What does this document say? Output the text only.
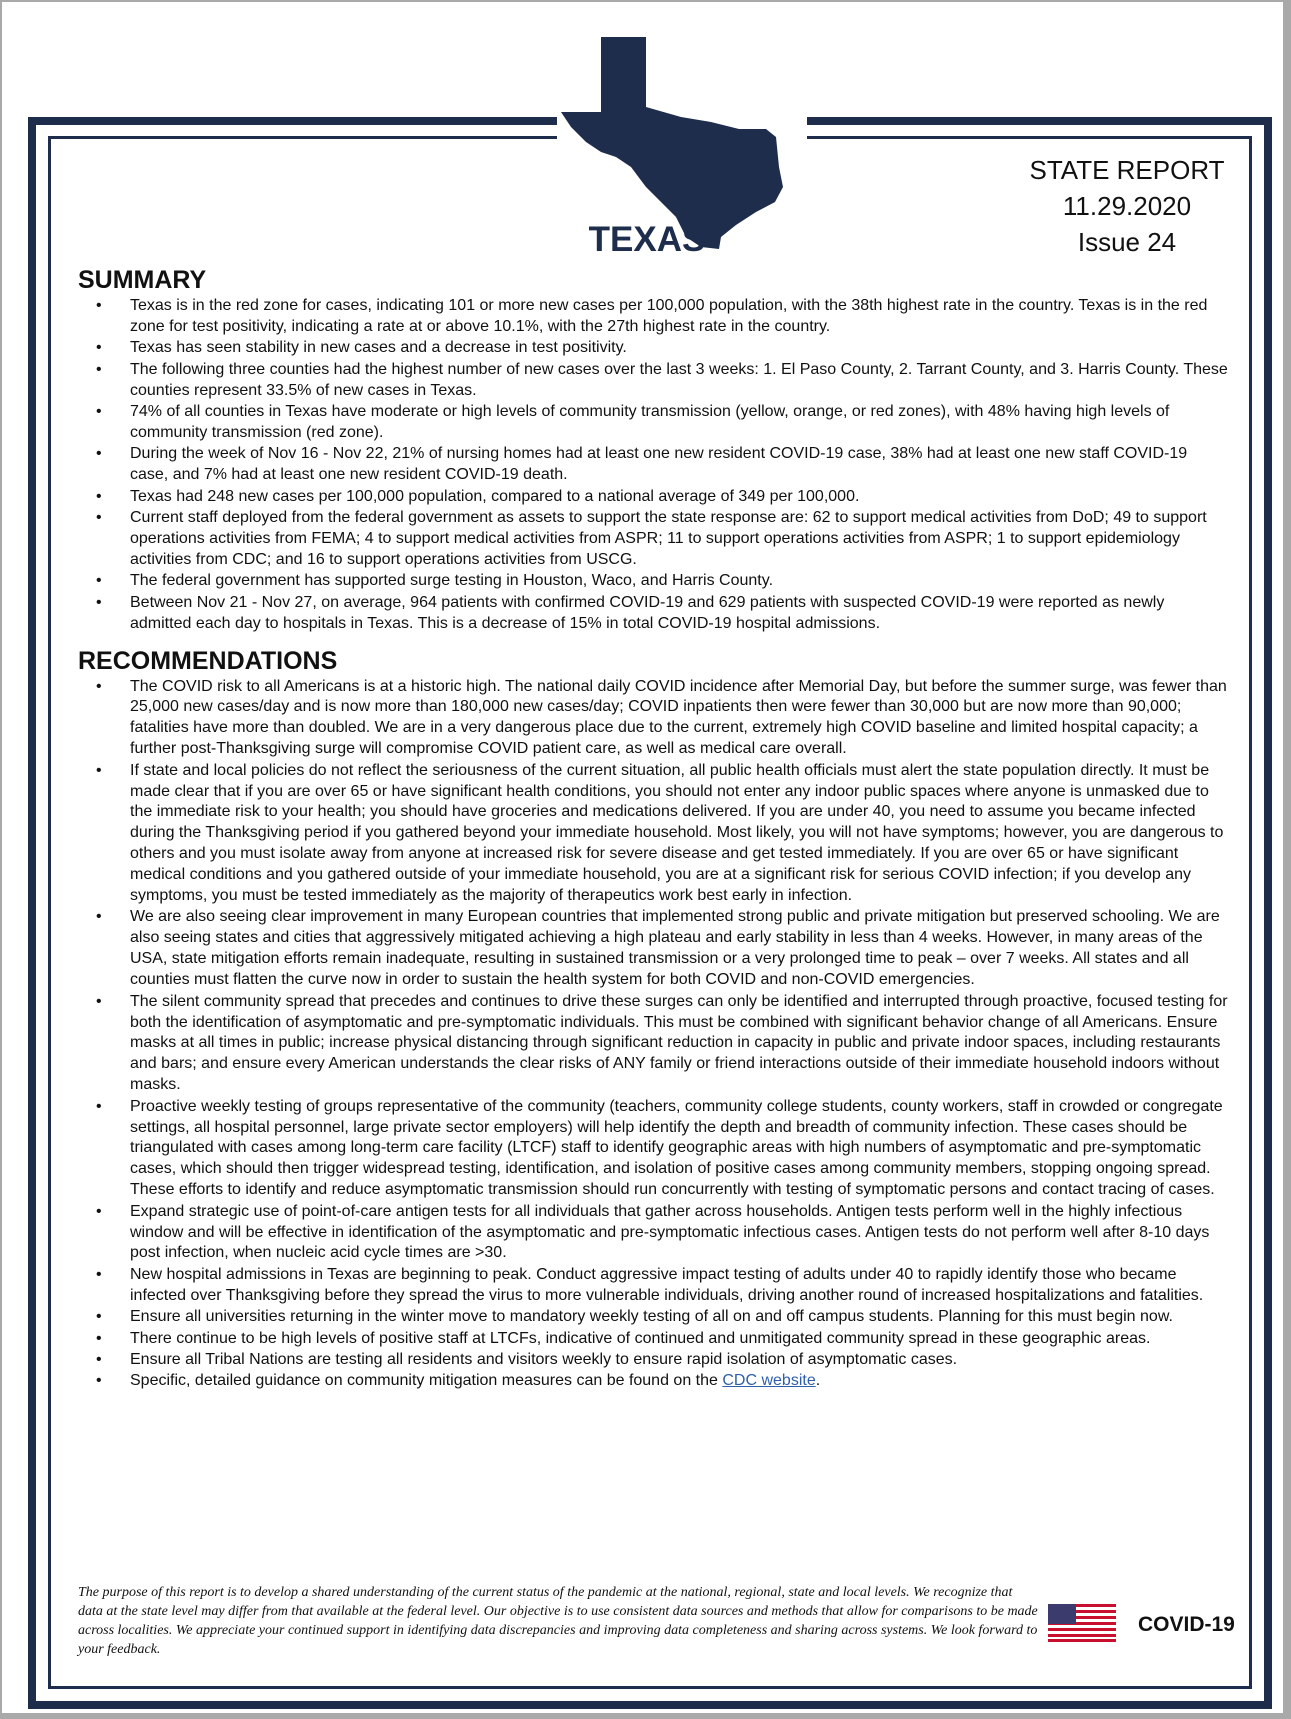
TEXAS
STATE REPORT
11.29.2020
Issue 24
SUMMARY
• Texas is in the red zone for cases, indicating 101 or more new cases per 100,000 population, with the 38th highest rate in the country. Texas is in the red zone for test positivity, indicating a rate at or above 10.1%, with the 27th highest rate in the country.
• Texas has seen stability in new cases and a decrease in test positivity.
• The following three counties had the highest number of new cases over the last 3 weeks: 1. El Paso County, 2. Tarrant County, and 3. Harris County. These counties represent 33.5% of new cases in Texas.
• 74% of all counties in Texas have moderate or high levels of community transmission (yellow, orange, or red zones), with 48% having high levels of community transmission (red zone).
• During the week of Nov 16 - Nov 22, 21% of nursing homes had at least one new resident COVID-19 case, 38% had at least one new staff COVID-19 case, and 7% had at least one new resident COVID-19 death.
• Texas had 248 new cases per 100,000 population, compared to a national average of 349 per 100,000.
• Current staff deployed from the federal government as assets to support the state response are: 62 to support medical activities from DoD; 49 to support operations activities from FEMA; 4 to support medical activities from ASPR; 11 to support operations activities from ASPR; 1 to support epidemiology activities from CDC; and 16 to support operations activities from USCG.
• The federal government has supported surge testing in Houston, Waco, and Harris County.
• Between Nov 21 - Nov 27, on average, 964 patients with confirmed COVID-19 and 629 patients with suspected COVID-19 were reported as newly admitted each day to hospitals in Texas. This is a decrease of 15% in total COVID-19 hospital admissions.
RECOMMENDATIONS
• The COVID risk to all Americans is at a historic high. The national daily COVID incidence after Memorial Day, but before the summer surge, was fewer than 25,000 new cases/day and is now more than 180,000 new cases/day; COVID inpatients then were fewer than 30,000 but are now more than 90,000; fatalities have more than doubled. We are in a very dangerous place due to the current, extremely high COVID baseline and limited hospital capacity; a further post-Thanksgiving surge will compromise COVID patient care, as well as medical care overall.
• If state and local policies do not reflect the seriousness of the current situation, all public health officials must alert the state population directly. It must be made clear that if you are over 65 or have significant health conditions, you should not enter any indoor public spaces where anyone is unmasked due to the immediate risk to your health; you should have groceries and medications delivered. If you are under 40, you need to assume you became infected during the Thanksgiving period if you gathered beyond your immediate household. Most likely, you will not have symptoms; however, you are dangerous to others and you must isolate away from anyone at increased risk for severe disease and get tested immediately. If you are over 65 or have significant medical conditions and you gathered outside of your immediate household, you are at a significant risk for serious COVID infection; if you develop any symptoms, you must be tested immediately as the majority of therapeutics work best early in infection.
• We are also seeing clear improvement in many European countries that implemented strong public and private mitigation but preserved schooling. We are also seeing states and cities that aggressively mitigated achieving a high plateau and early stability in less than 4 weeks. However, in many areas of the USA, state mitigation efforts remain inadequate, resulting in sustained transmission or a very prolonged time to peak – over 7 weeks. All states and all counties must flatten the curve now in order to sustain the health system for both COVID and non-COVID emergencies.
• The silent community spread that precedes and continues to drive these surges can only be identified and interrupted through proactive, focused testing for both the identification of asymptomatic and pre-symptomatic individuals. This must be combined with significant behavior change of all Americans. Ensure masks at all times in public; increase physical distancing through significant reduction in capacity in public and private indoor spaces, including restaurants and bars; and ensure every American understands the clear risks of ANY family or friend interactions outside of their immediate household indoors without masks.
• Proactive weekly testing of groups representative of the community (teachers, community college students, county workers, staff in crowded or congregate settings, all hospital personnel, large private sector employers) will help identify the depth and breadth of community infection. These cases should be triangulated with cases among long-term care facility (LTCF) staff to identify geographic areas with high numbers of asymptomatic and pre-symptomatic cases, which should then trigger widespread testing, identification, and isolation of positive cases among community members, stopping ongoing spread. These efforts to identify and reduce asymptomatic transmission should run concurrently with testing of symptomatic persons and contact tracing of cases.
• Expand strategic use of point-of-care antigen tests for all individuals that gather across households. Antigen tests perform well in the highly infectious window and will be effective in identification of the asymptomatic and pre-symptomatic infectious cases. Antigen tests do not perform well after 8-10 days post infection, when nucleic acid cycle times are >30.
• New hospital admissions in Texas are beginning to peak. Conduct aggressive impact testing of adults under 40 to rapidly identify those who became infected over Thanksgiving before they spread the virus to more vulnerable individuals, driving another round of increased hospitalizations and fatalities.
• Ensure all universities returning in the winter move to mandatory weekly testing of all on and off campus students. Planning for this must begin now.
• There continue to be high levels of positive staff at LTCFs, indicative of continued and unmitigated community spread in these geographic areas.
• Ensure all Tribal Nations are testing all residents and visitors weekly to ensure rapid isolation of asymptomatic cases.
• Specific, detailed guidance on community mitigation measures can be found on the CDC website.
The purpose of this report is to develop a shared understanding of the current status of the pandemic at the national, regional, state and local levels. We recognize that data at the state level may differ from that available at the federal level. Our objective is to use consistent data sources and methods that allow for comparisons to be made across localities. We appreciate your continued support in identifying data discrepancies and improving data completeness and sharing across systems. We look forward to your feedback.
COVID-19
